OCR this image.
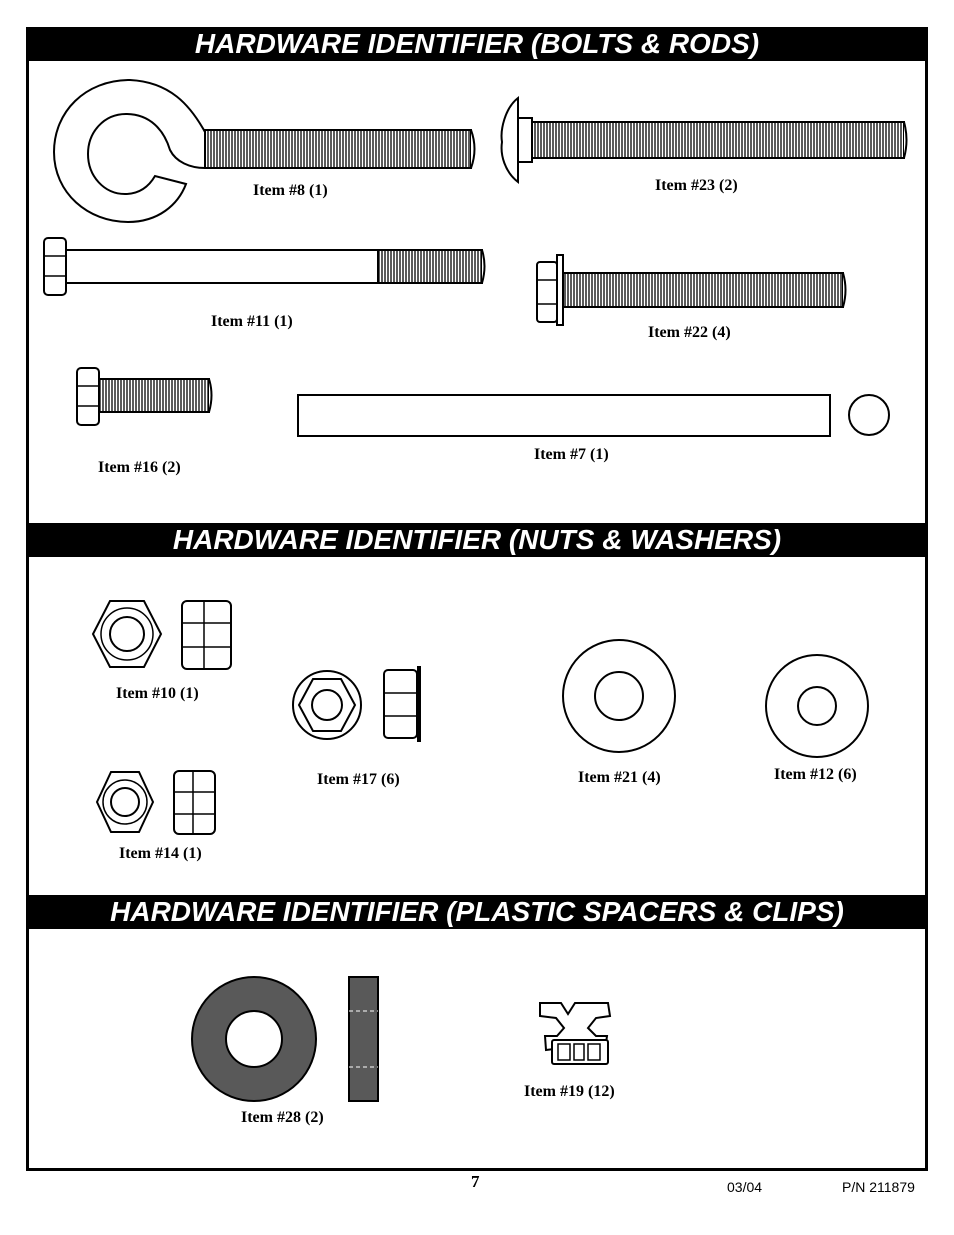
HARDWARE IDENTIFIER (BOLTS & RODS)
HARDWARE IDENTIFIER (NUTS & WASHERS)
HARDWARE IDENTIFIER (PLASTIC SPACERS & CLIPS)
Item #8 (1)	Item #23 (2)
Item #11 (1)
Item #22 (4)
Item #16 (2)
Item #7 (1)
Item #10 (1)
Item #17 (6)	Item #21 (4)	Item #12 (6)
Item #14 (1)
Item #28 (2)
Item #19 (12)
7	03/04	P/N 211879
